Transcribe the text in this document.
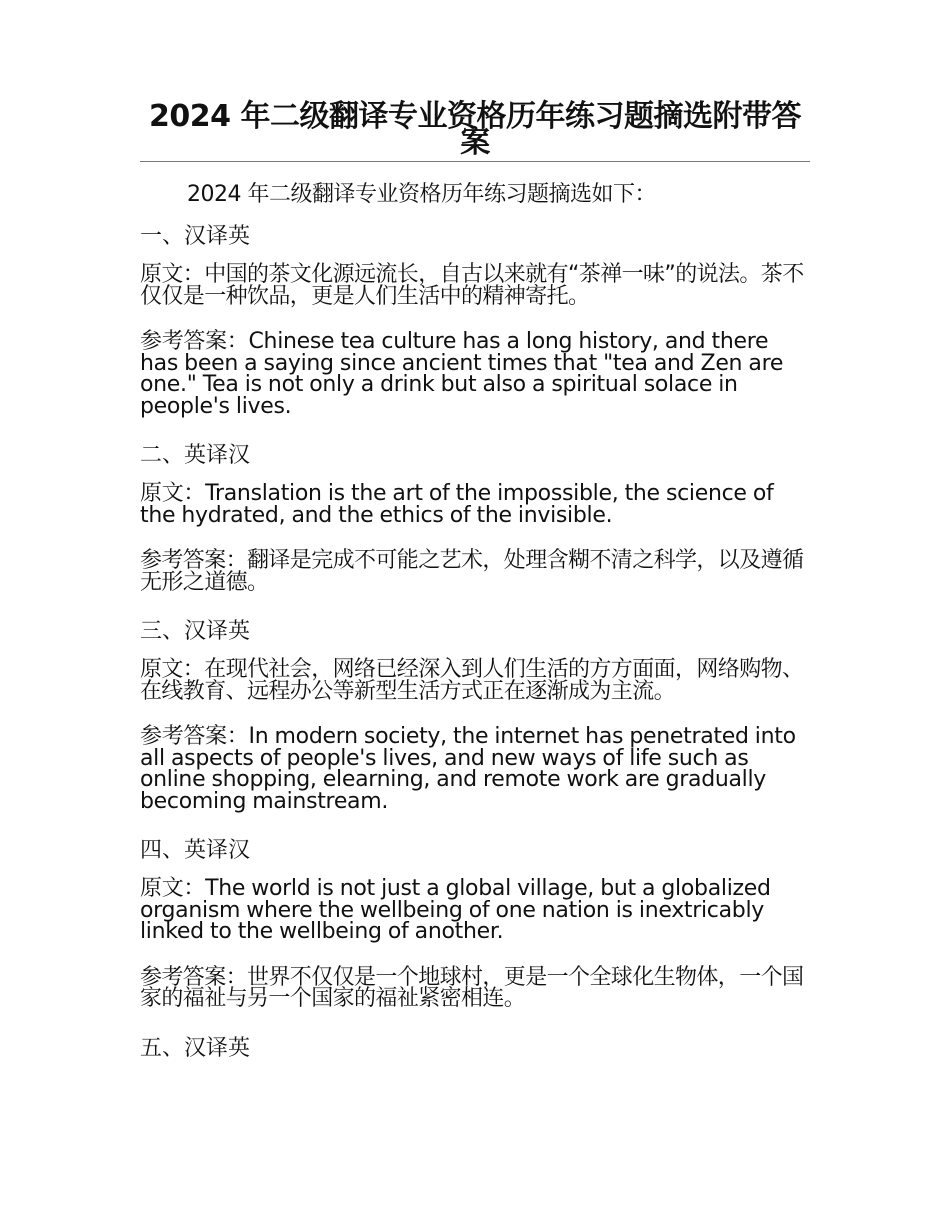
2024 年二级翻译专业资格历年练习题摘选附带答案

2024 年二级翻译专业资格历年练习题摘选如下：

一、汉译英

原文：中国的茶文化源远流长，自古以来就有“茶禅一味”的说法。茶不仅仅是一种饮品，更是人们生活中的精神寄托。

参考答案：Chinese tea culture has a long history, and there has been a saying since ancient times that "tea and Zen are one." Tea is not only a drink but also a spiritual solace in people's lives.

二、英译汉

原文：Translation is the art of the impossible, the science of the hydrated, and the ethics of the invisible.

参考答案：翻译是完成不可能之艺术，处理含糊不清之科学，以及遵循无形之道德。

三、汉译英

原文：在现代社会，网络已经深入到人们生活的方方面面，网络购物、在线教育、远程办公等新型生活方式正在逐渐成为主流。

参考答案：In modern society, the internet has penetrated into all aspects of people's lives, and new ways of life such as online shopping, elearning, and remote work are gradually becoming mainstream.

四、英译汉

原文：The world is not just a global village, but a globalized organism where the wellbeing of one nation is inextricably linked to the wellbeing of another.

参考答案：世界不仅仅是一个地球村，更是一个全球化生物体，一个国家的福祉与另一个国家的福祉紧密相连。

五、汉译英
